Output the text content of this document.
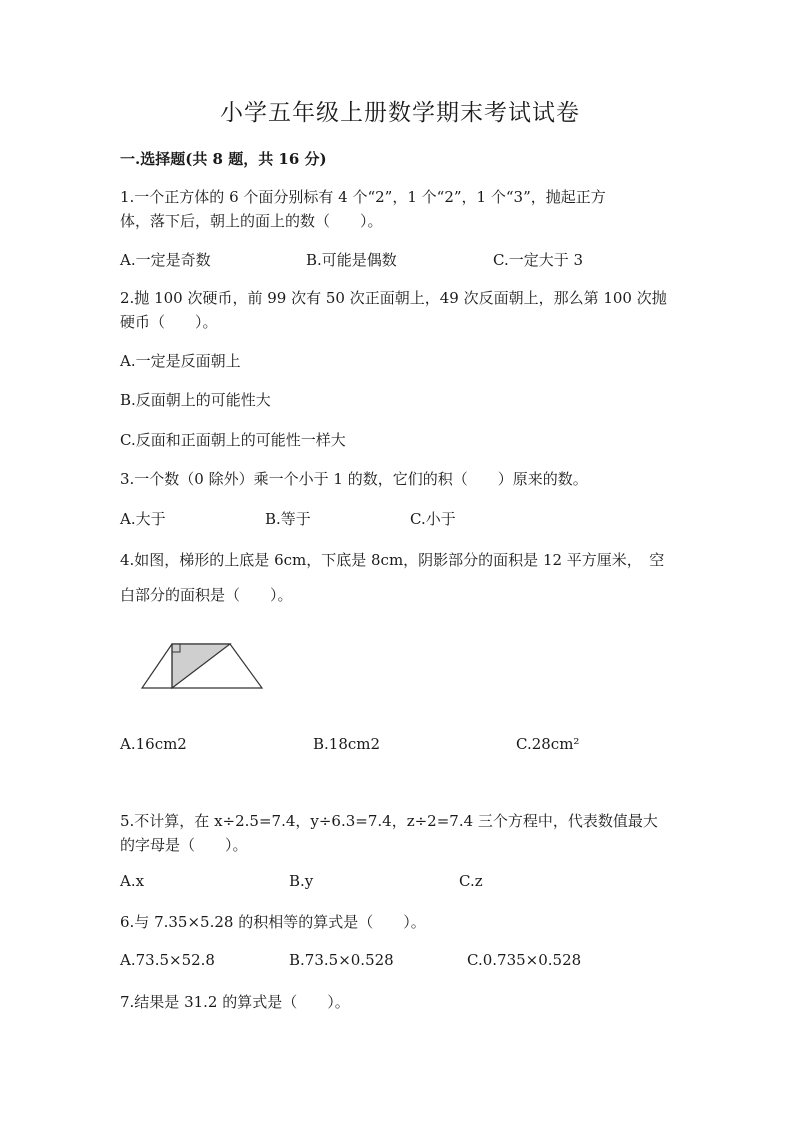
小学五年级上册数学期末考试试卷
一.选择题(共 8 题，共 16 分)
1.一个正方体的 6 个面分别标有 4 个“2”，1 个“2”，1 个“3”，抛起正方
体，落下后，朝上的面上的数（　　）。
A.一定是奇数	B.可能是偶数	C.一定大于 3
2.抛 100 次硬币，前 99 次有 50 次正面朝上，49 次反面朝上，那么第 100 次抛
硬币（　　）。
A.一定是反面朝上
B.反面朝上的可能性大
C.反面和正面朝上的可能性一样大
3.一个数（0 除外）乘一个小于 1 的数，它们的积（　　）原来的数。
A.大于	B.等于	C.小于
4.如图，梯形的上底是 6cm，下底是 8cm，阴影部分的面积是 12 平方厘米，　空
白部分的面积是（　　）。
A.16cm2	B.18cm2	C.28cm²
5.不计算，在 x÷2.5=7.4，y÷6.3=7.4，z÷2=7.4 三个方程中，代表数值最大
的字母是（　　）。
A.x	B.y	C.z
6.与 7.35×5.28 的积相等的算式是（　　）。
A.73.5×52.8	B.73.5×0.528	C.0.735×0.528
7.结果是 31.2 的算式是（　　）。
